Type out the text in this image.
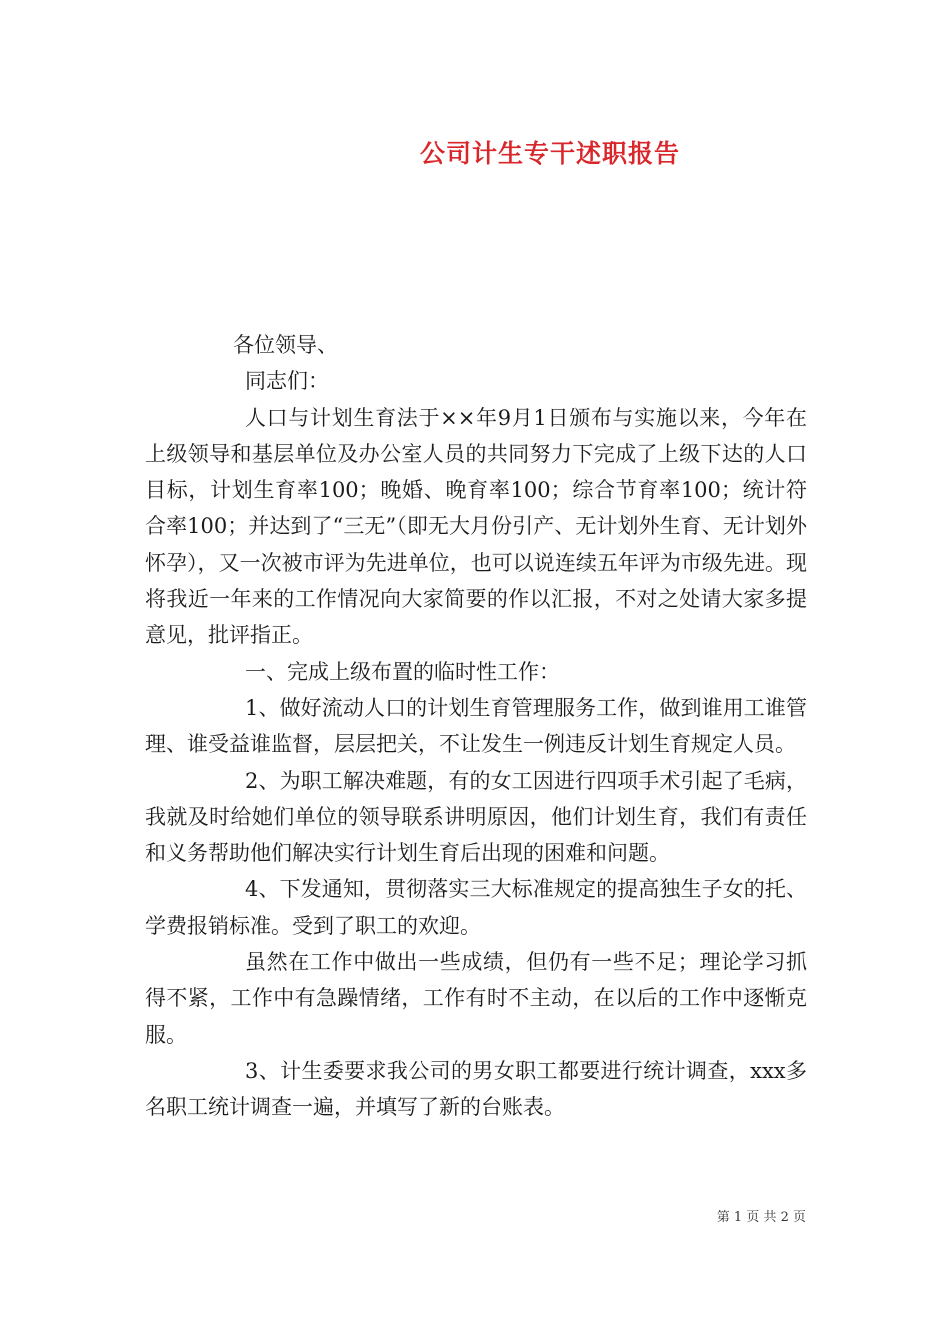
公司计生专干述职报告

各位领导、

同志们：

人口与计划生育法于××年9月1日颁布与实施以来，今年在上级领导和基层单位及办公室人员的共同努力下完成了上级下达的人口目标，计划生育率100；晚婚、晚育率100；综合节育率100；统计符合率100；并达到了“三无”（即无大月份引产、无计划外生育、无计划外怀孕），又一次被市评为先进单位，也可以说连续五年评为市级先进。现将我近一年来的工作情况向大家简要的作以汇报，不对之处请大家多提意见，批评指正。

一、完成上级布置的临时性工作：

1、做好流动人口的计划生育管理服务工作，做到谁用工谁管理、谁受益谁监督，层层把关，不让发生一例违反计划生育规定人员。

2、为职工解决难题，有的女工因进行四项手术引起了毛病，我就及时给她们单位的领导联系讲明原因，他们计划生育，我们有责任和义务帮助他们解决实行计划生育后出现的困难和问题。

4、下发通知，贯彻落实三大标准规定的提高独生子女的托、学费报销标准。受到了职工的欢迎。

虽然在工作中做出一些成绩，但仍有一些不足；理论学习抓得不紧，工作中有急躁情绪，工作有时不主动，在以后的工作中逐惭克服。

3、计生委要求我公司的男女职工都要进行统计调查，xxx多名职工统计调查一遍，并填写了新的台账表。

第 1 页 共 2 页
